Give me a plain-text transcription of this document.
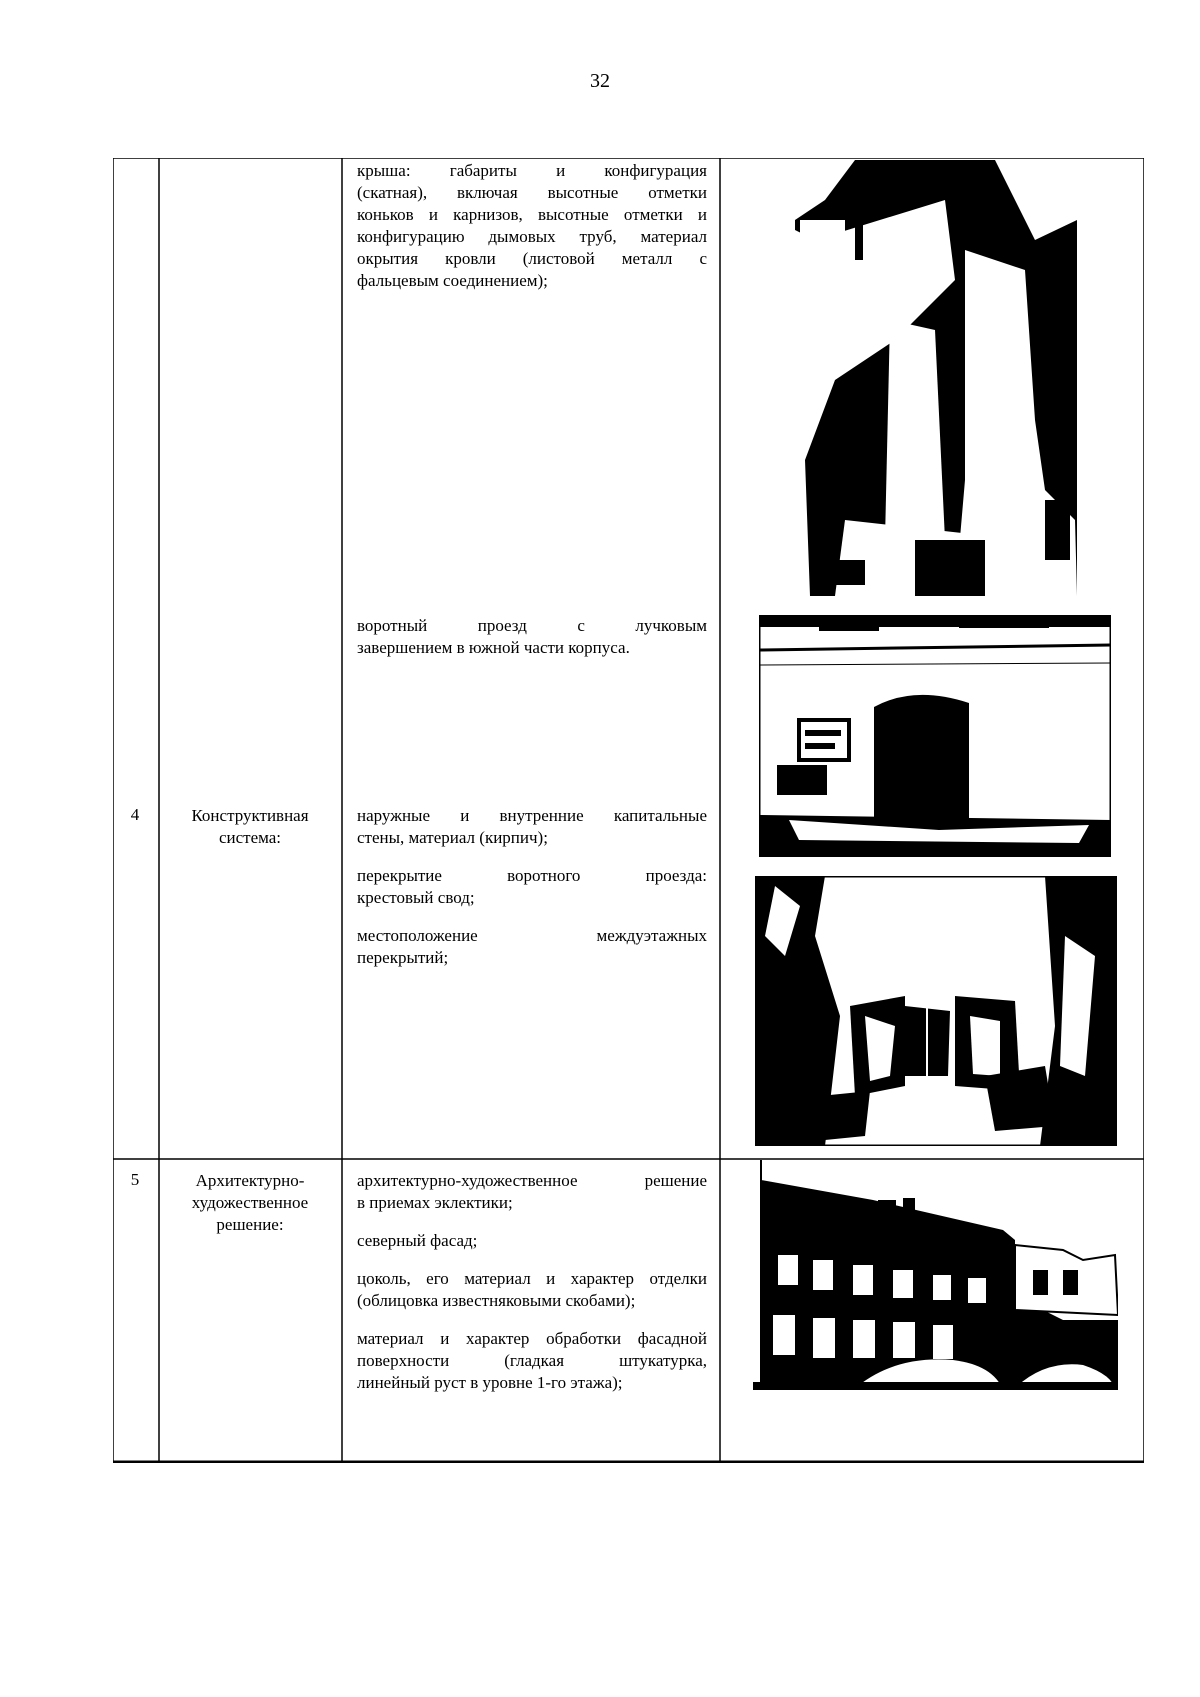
32
крыша: габариты и конфигурация
(скатная), включая высотные отметки
коньков и карнизов, высотные отметки и
конфигурацию дымовых труб, материал
окрытия кровли (листовой металл с
фальцевым соединением);
воротный проезд с лучковым
завершением в южной части корпуса.
4	Конструктивная
система:
наружные и внутренние капитальные
стены, материал (кирпич);
перекрытие воротного проезда:
крестовый свод;
местоположение междуэтажных
перекрытий;
5	Архитектурно-
художественное
решение:
архитектурно-художественное решение
в приемах эклектики;
северный фасад;
цоколь, его материал и характер отделки
(облицовка известняковыми скобами);
материал и характер обработки фасадной
поверхности (гладкая штукатурка,
линейный руст в уровне 1-го этажа);
